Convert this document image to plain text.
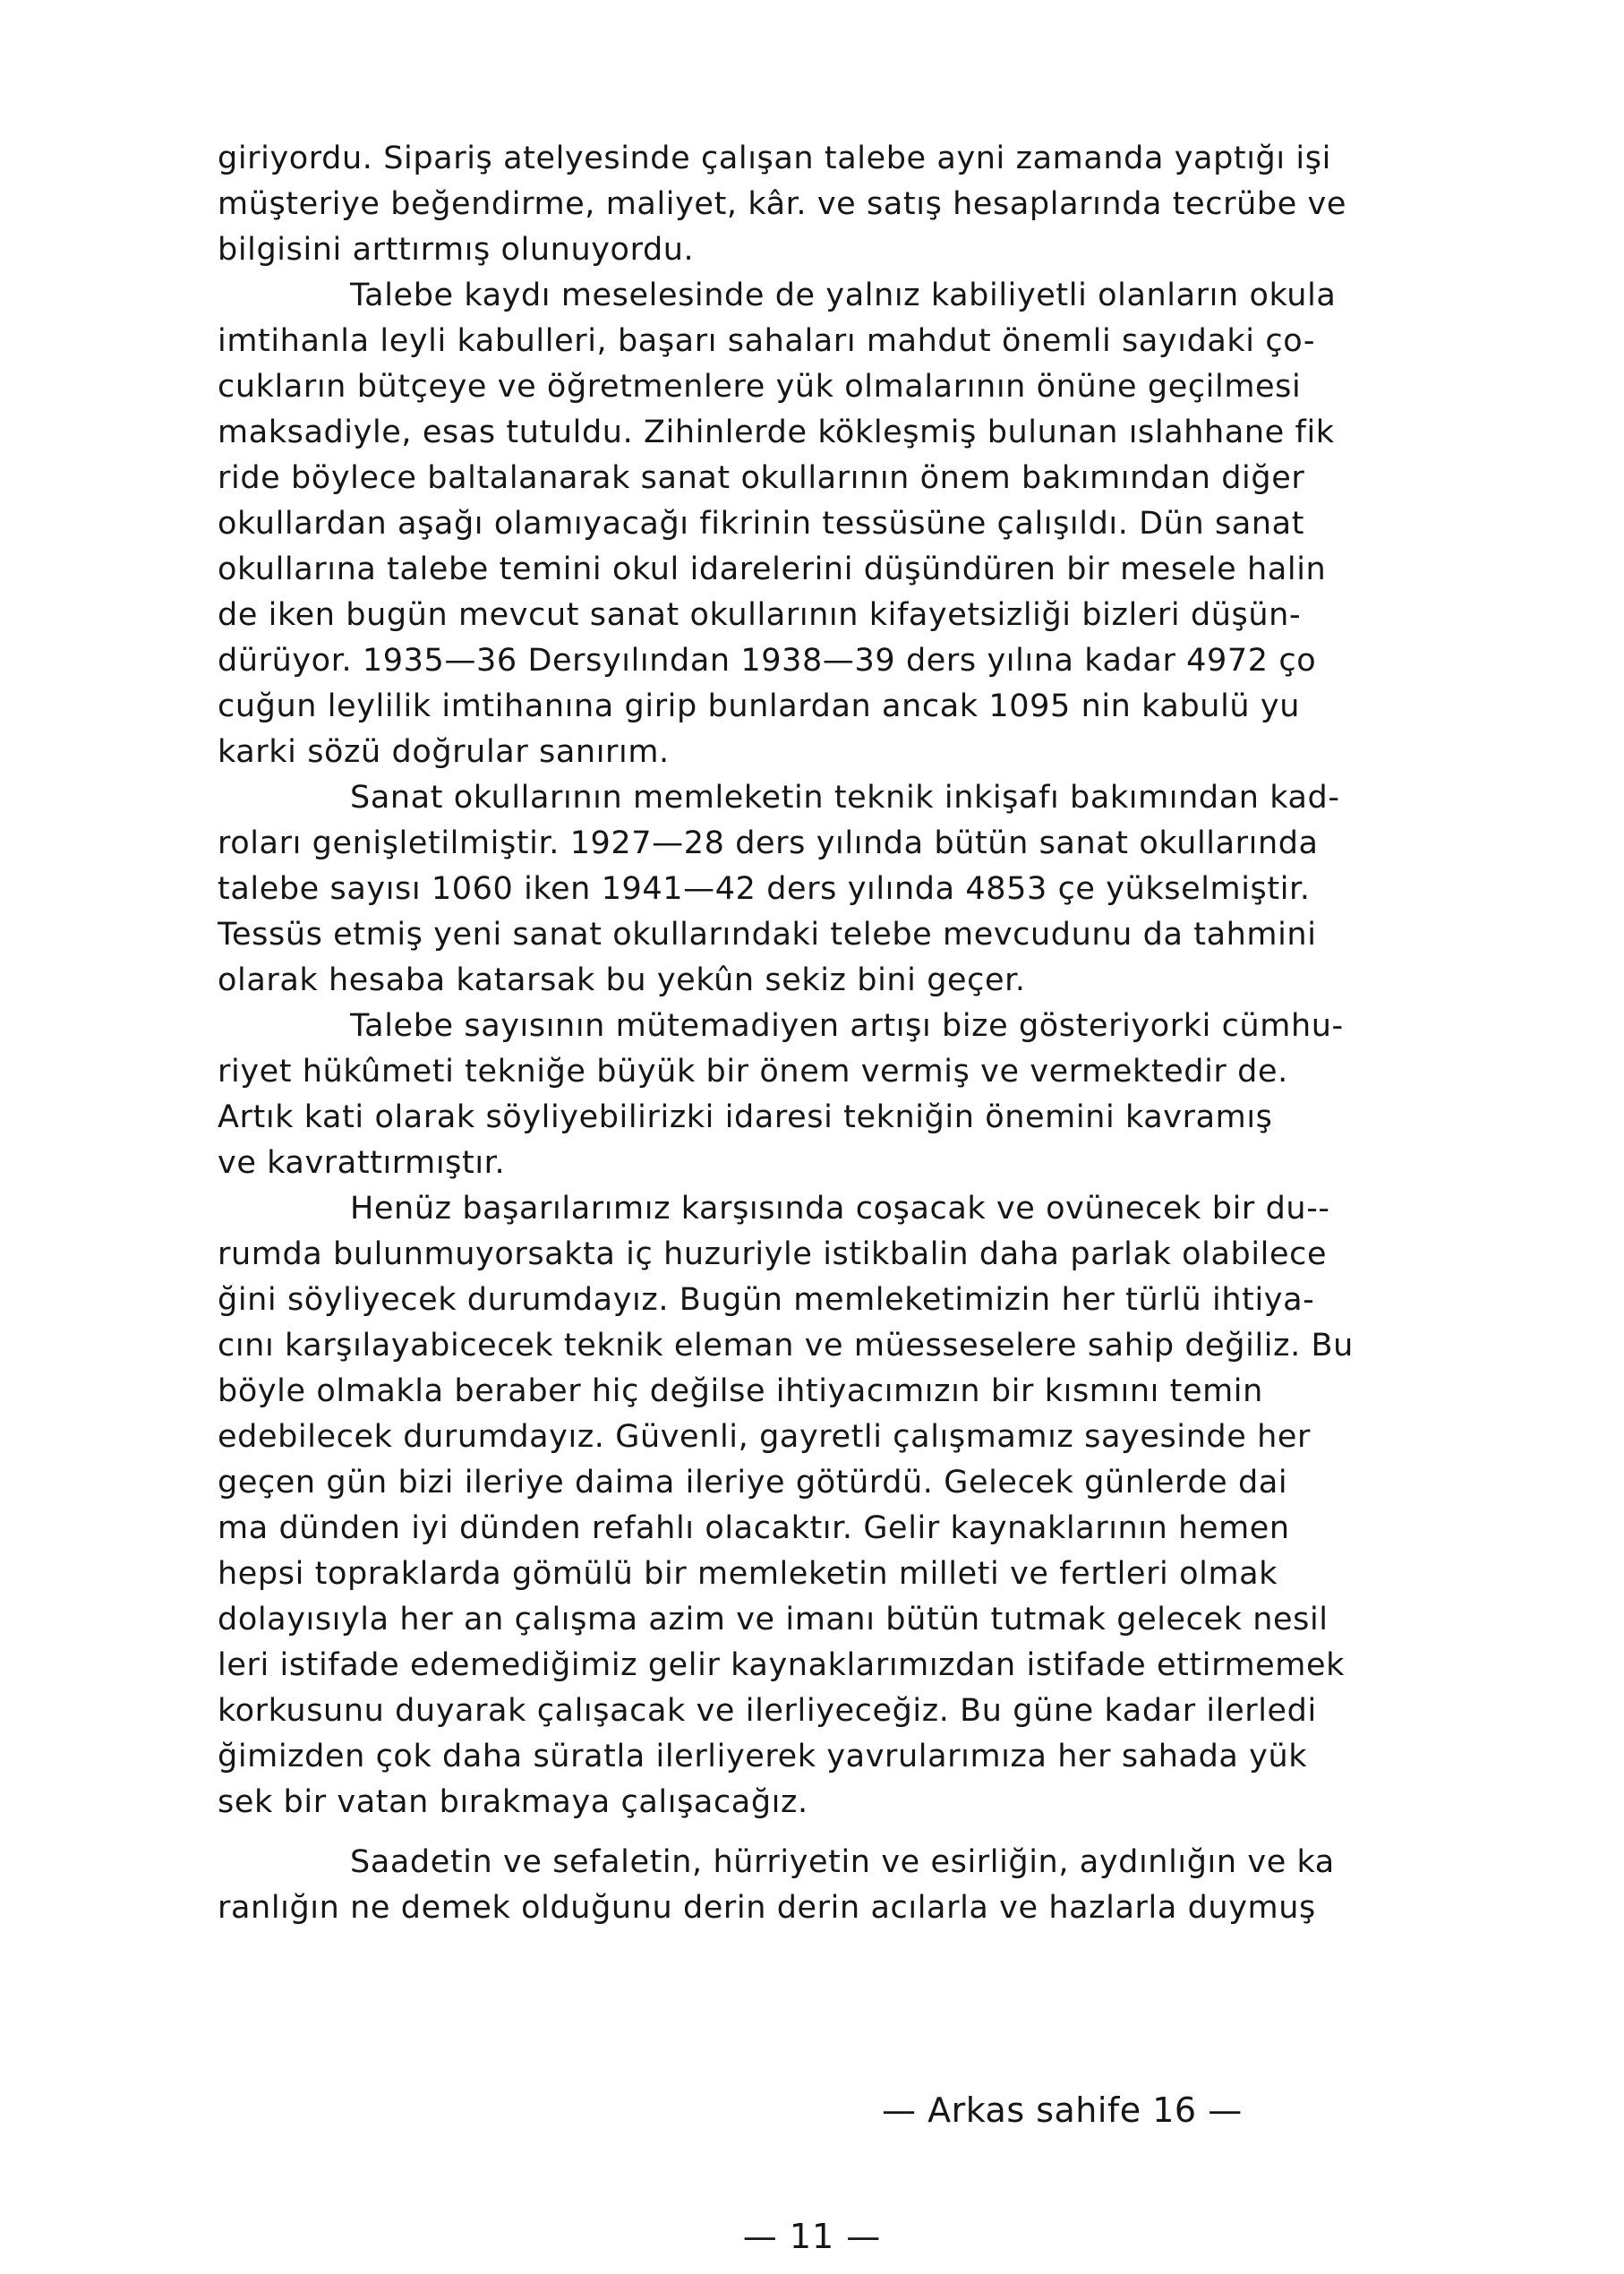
giriyordu. Sipariş atelyesinde çalışan talebe ayni zamanda yaptığı işi
müşteriye beğendirme, maliyet, kâr. ve satış hesaplarında tecrübe ve
bilgisini arttırmış olunuyordu.
Talebe kaydı meselesinde de yalnız kabiliyetli olanların okula
imtihanla leyli kabulleri, başarı sahaları mahdut önemli sayıdaki ço-
cukların bütçeye ve öğretmenlere yük olmalarının önüne geçilmesi
maksadiyle, esas tutuldu. Zihinlerde kökleşmiş bulunan ıslahhane fik
ride böylece baltalanarak sanat okullarının önem bakımından diğer
okullardan aşağı olamıyacağı fikrinin tessüsüne çalışıldı. Dün sanat
okullarına talebe temini okul idarelerini düşündüren bir mesele halin
de iken bugün mevcut sanat okullarının kifayetsizliği bizleri düşün-
dürüyor. 1935—36 Dersyılından 1938—39 ders yılına kadar 4972 ço
cuğun leylilik imtihanına girip bunlardan ancak 1095 nin kabulü yu
karki sözü doğrular sanırım.
Sanat okullarının memleketin teknik inkişafı bakımından kad-
roları genişletilmiştir. 1927—28 ders yılında bütün sanat okullarında
talebe sayısı 1060 iken 1941—42 ders yılında 4853 çe yükselmiştir.
Tessüs etmiş yeni sanat okullarındaki telebe mevcudunu da tahmini
olarak hesaba katarsak bu yekûn sekiz bini geçer.
Talebe sayısının mütemadiyen artışı bize gösteriyorki cümhu-
riyet hükûmeti tekniğe büyük bir önem vermiş ve vermektedir de.
Artık kati olarak söyliyebilirizki idaresi tekniğin önemini kavramış
ve kavrattırmıştır.
Henüz başarılarımız karşısında coşacak ve ovünecek bir du--
rumda bulunmuyorsakta iç huzuriyle istikbalin daha parlak olabilece
ğini söyliyecek durumdayız. Bugün memleketimizin her türlü ihtiya-
cını karşılayabicecek teknik eleman ve müesseselere sahip değiliz. Bu
böyle olmakla beraber hiç değilse ihtiyacımızın bir kısmını temin
edebilecek durumdayız. Güvenli, gayretli çalışmamız sayesinde her
geçen gün bizi ileriye daima ileriye götürdü. Gelecek günlerde dai
ma dünden iyi dünden refahlı olacaktır. Gelir kaynaklarının hemen
hepsi topraklarda gömülü bir memleketin milleti ve fertleri olmak
dolayısıyla her an çalışma azim ve imanı bütün tutmak gelecek nesil
leri istifade edemediğimiz gelir kaynaklarımızdan istifade ettirmemek
korkusunu duyarak çalışacak ve ilerliyeceğiz. Bu güne kadar ilerledi
ğimizden çok daha süratla ilerliyerek yavrularımıza her sahada yük
sek bir vatan bırakmaya çalışacağız.
Saadetin ve sefaletin, hürriyetin ve esirliğin, aydınlığın ve ka
ranlığın ne demek olduğunu derin derin acılarla ve hazlarla duymuş
— Arkas sahife 16 —
— 11 —
